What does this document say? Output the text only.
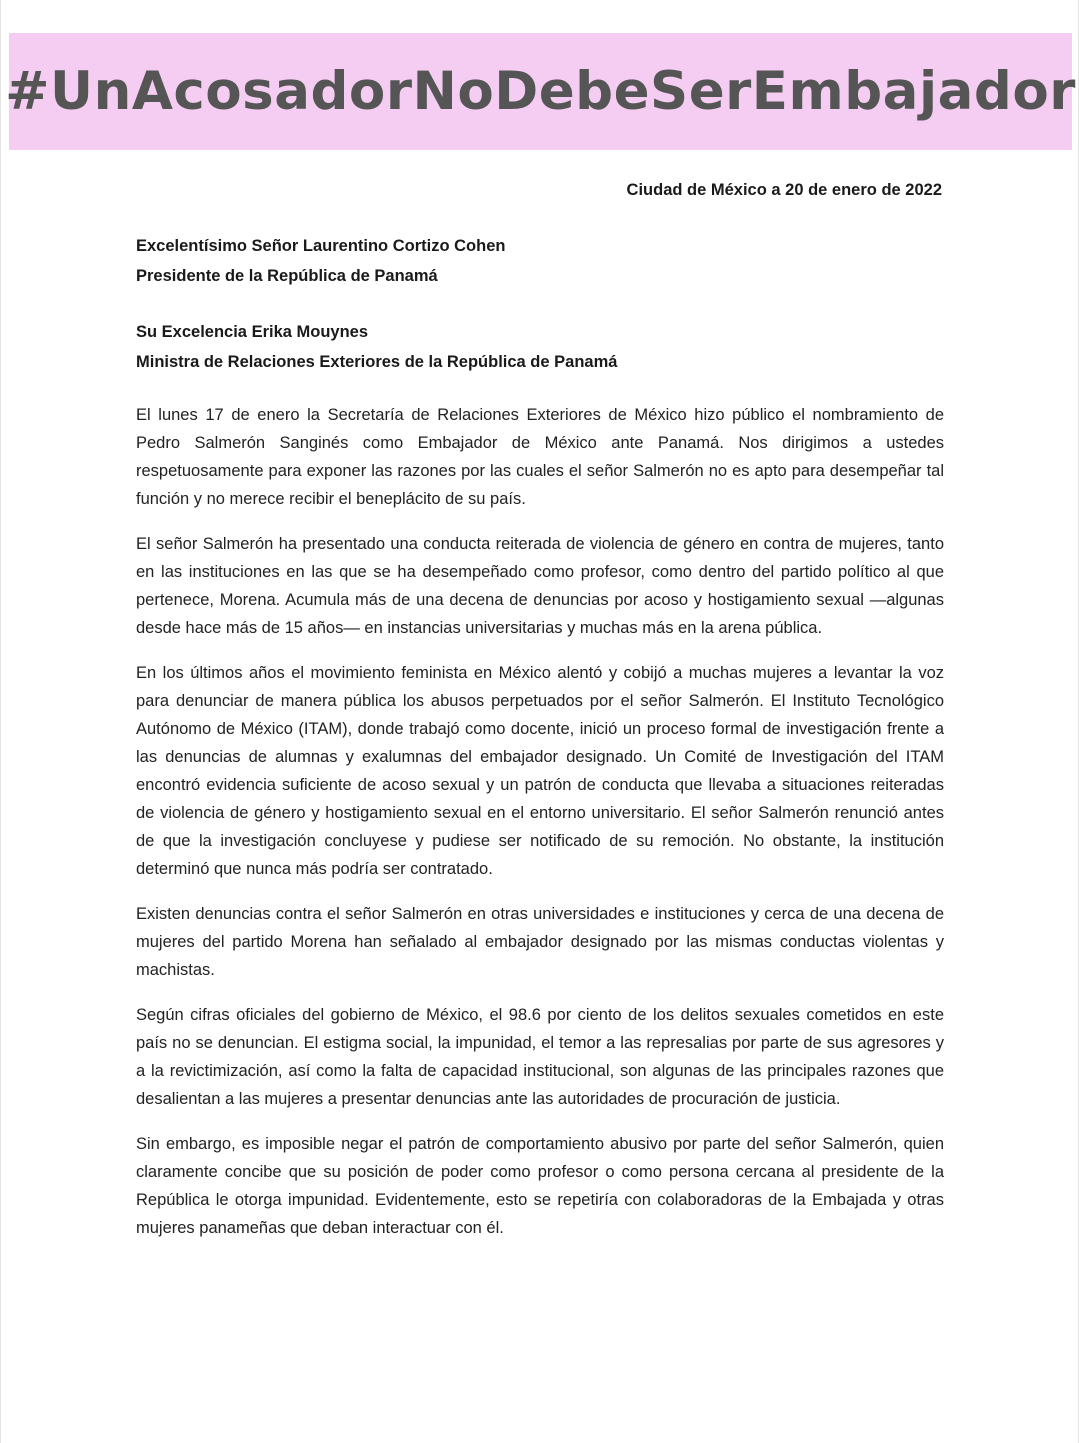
#UnAcosadorNoDebeSerEmbajador
Ciudad de México a 20 de enero de 2022
Excelentísimo Señor Laurentino Cortizo Cohen
Presidente de la República de Panamá
Su Excelencia Erika Mouynes
Ministra de Relaciones Exteriores de la República de Panamá

El lunes 17 de enero la Secretaría de Relaciones Exteriores de México hizo público el nombramiento de Pedro Salmerón Sanginés como Embajador de México ante Panamá. Nos dirigimos a ustedes respetuosamente para exponer las razones por las cuales el señor Salmerón no es apto para desempeñar tal función y no merece recibir el beneplácito de su país.

El señor Salmerón ha presentado una conducta reiterada de violencia de género en contra de mujeres, tanto en las instituciones en las que se ha desempeñado como profesor, como dentro del partido político al que pertenece, Morena. Acumula más de una decena de denuncias por acoso y hostigamiento sexual —algunas desde hace más de 15 años— en instancias universitarias y muchas más en la arena pública.

En los últimos años el movimiento feminista en México alentó y cobijó a muchas mujeres a levantar la voz para denunciar de manera pública los abusos perpetuados por el señor Salmerón. El Instituto Tecnológico Autónomo de México (ITAM), donde trabajó como docente, inició un proceso formal de investigación frente a las denuncias de alumnas y exalumnas del embajador designado. Un Comité de Investigación del ITAM encontró evidencia suficiente de acoso sexual y un patrón de conducta que llevaba a situaciones reiteradas de violencia de género y hostigamiento sexual en el entorno universitario. El señor Salmerón renunció antes de que la investigación concluyese y pudiese ser notificado de su remoción. No obstante, la institución determinó que nunca más podría ser contratado.

Existen denuncias contra el señor Salmerón en otras universidades e instituciones y cerca de una decena de mujeres del partido Morena han señalado al embajador designado por las mismas conductas violentas y machistas.

Según cifras oficiales del gobierno de México, el 98.6 por ciento de los delitos sexuales cometidos en este país no se denuncian. El estigma social, la impunidad, el temor a las represalias por parte de sus agresores y a la revictimización, así como la falta de capacidad institucional, son algunas de las principales razones que desalientan a las mujeres a presentar denuncias ante las autoridades de procuración de justicia.

Sin embargo, es imposible negar el patrón de comportamiento abusivo por parte del señor Salmerón, quien claramente concibe que su posición de poder como profesor o como persona cercana al presidente de la República le otorga impunidad. Evidentemente, esto se repetiría con colaboradoras de la Embajada y otras mujeres panameñas que deban interactuar con él.
